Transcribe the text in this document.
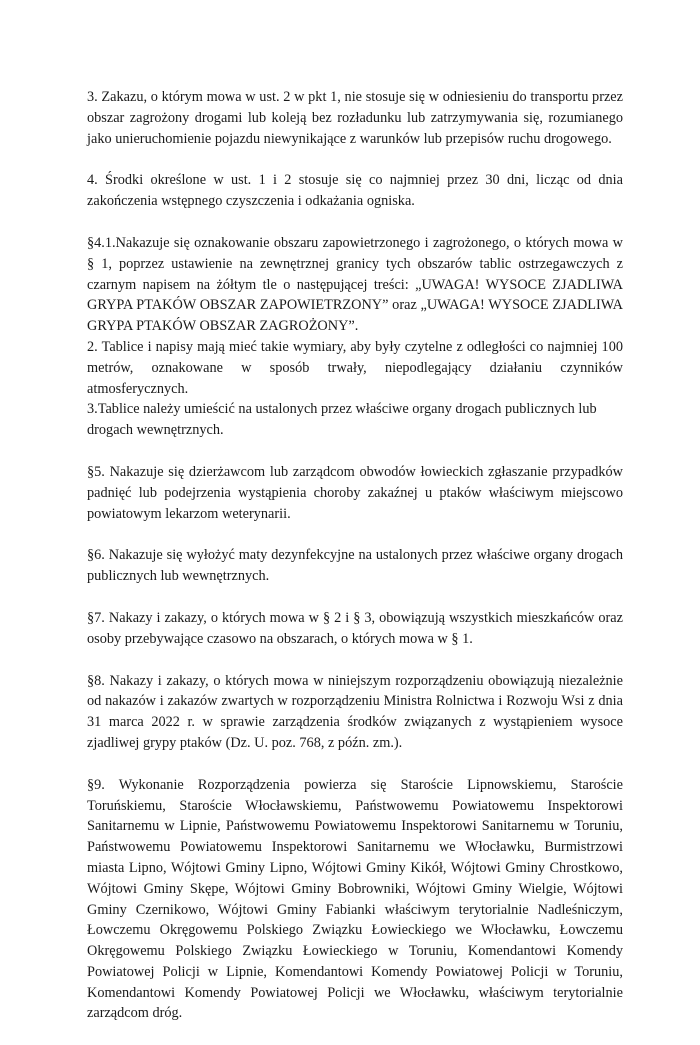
3. Zakazu, o którym mowa w ust. 2 w pkt 1, nie stosuje się w odniesieniu do transportu przez obszar zagrożony drogami lub koleją bez rozładunku lub zatrzymywania się, rozumianego jako unieruchomienie pojazdu niewynikające z warunków lub przepisów ruchu drogowego.

4. Środki określone w ust. 1 i 2 stosuje się co najmniej przez 30 dni, licząc od dnia zakończenia wstępnego czyszczenia i odkażania ogniska.

§4.1.Nakazuje się oznakowanie obszaru zapowietrzonego i zagrożonego, o których mowa w § 1, poprzez ustawienie na zewnętrznej granicy tych obszarów tablic ostrzegawczych z czarnym napisem na żółtym tle o następującej treści: „UWAGA! WYSOCE ZJADLIWA GRYPA PTAKÓW OBSZAR ZAPOWIETRZONY” oraz „UWAGA! WYSOCE ZJADLIWA GRYPA PTAKÓW OBSZAR ZAGROŻONY”.

2. Tablice i napisy mają mieć takie wymiary, aby były czytelne z odległości co najmniej 100 metrów, oznakowane w sposób trwały, niepodlegający działaniu czynników atmosferycznych.

3.Tablice należy umieścić na ustalonych przez właściwe organy drogach publicznych lub drogach wewnętrznych.

§5. Nakazuje się dzierżawcom lub zarządcom obwodów łowieckich zgłaszanie przypadków padnięć lub podejrzenia wystąpienia choroby zakaźnej u ptaków właściwym miejscowo powiatowym lekarzom weterynarii.

§6. Nakazuje się wyłożyć maty dezynfekcyjne na ustalonych przez właściwe organy drogach publicznych lub wewnętrznych.

§7. Nakazy i zakazy, o których mowa w § 2 i § 3, obowiązują wszystkich mieszkańców oraz osoby przebywające czasowo na obszarach, o których mowa w § 1.

§8. Nakazy i zakazy, o których mowa w niniejszym rozporządzeniu obowiązują niezależnie od nakazów i zakazów zwartych w rozporządzeniu Ministra Rolnictwa i Rozwoju Wsi z dnia 31 marca 2022 r. w sprawie zarządzenia środków związanych z wystąpieniem wysoce zjadliwej grypy ptaków (Dz. U. poz. 768, z późn. zm.).

§9. Wykonanie Rozporządzenia powierza się Staroście Lipnowskiemu, Staroście Toruńskiemu, Staroście Włocławskiemu, Państwowemu Powiatowemu Inspektorowi Sanitarnemu w Lipnie, Państwowemu Powiatowemu Inspektorowi Sanitarnemu w Toruniu, Państwowemu Powiatowemu Inspektorowi Sanitarnemu we Włocławku, Burmistrzowi miasta Lipno, Wójtowi Gminy Lipno, Wójtowi Gminy Kikół, Wójtowi Gminy Chrostkowo, Wójtowi Gminy Skępe, Wójtowi Gminy Bobrowniki, Wójtowi Gminy Wielgie, Wójtowi Gminy Czernikowo, Wójtowi Gminy Fabianki właściwym terytorialnie Nadleśniczym, Łowczemu Okręgowemu Polskiego Związku Łowieckiego we Włocławku, Łowczemu Okręgowemu Polskiego Związku Łowieckiego w Toruniu, Komendantowi Komendy Powiatowej Policji w Lipnie, Komendantowi Komendy Powiatowej Policji w Toruniu, Komendantowi Komendy Powiatowej Policji we Włocławku, właściwym terytorialnie zarządcom dróg.
